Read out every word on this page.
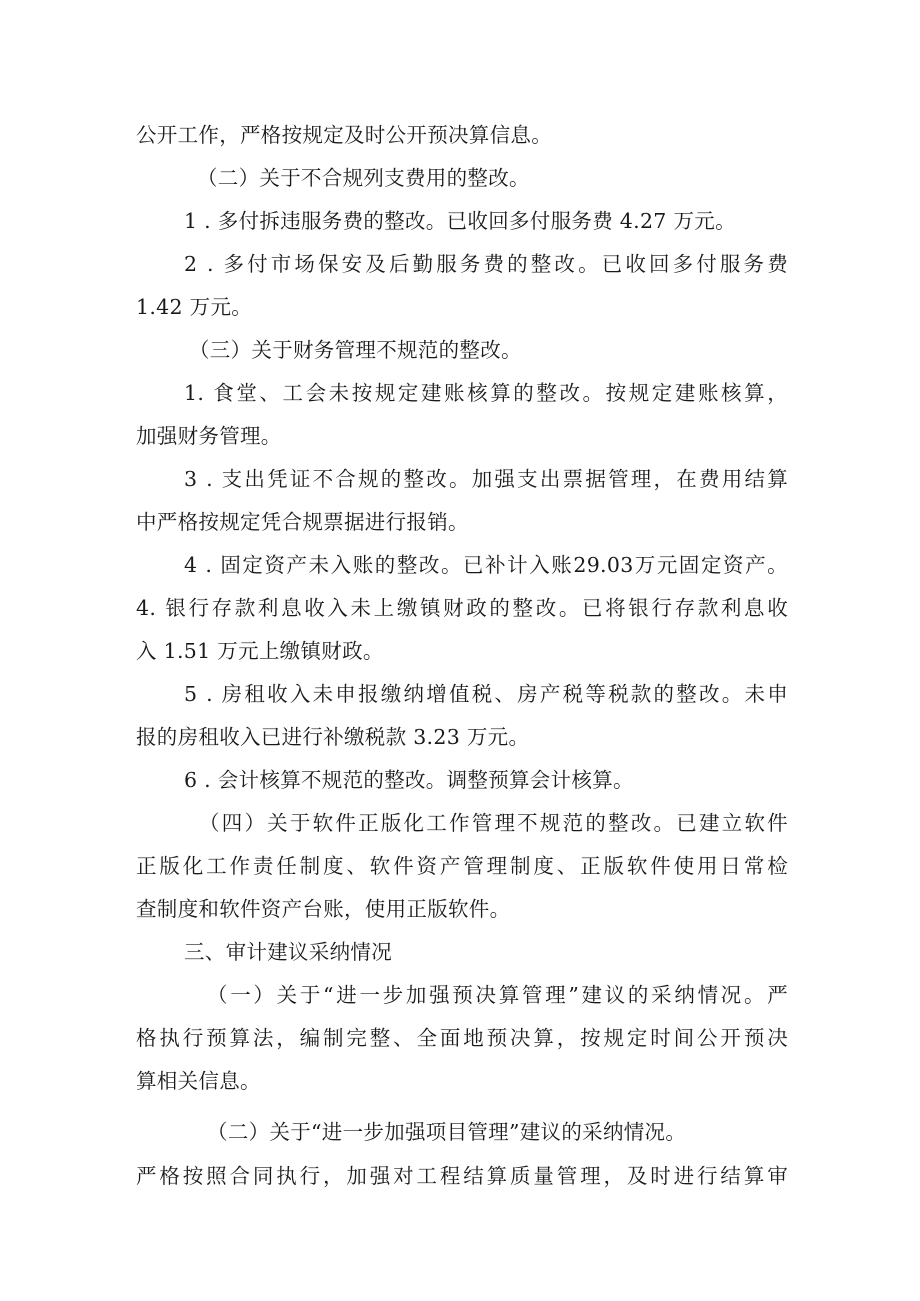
公开工作，严格按规定及时公开预决算信息。

（二）关于不合规列支费用的整改。

1 . 多付拆违服务费的整改。已收回多付服务费 4.27 万元。

2 . 多付市场保安及后勤服务费的整改。已收回多付服务费

1.42 万元。

（三）关于财务管理不规范的整改。

1. 食堂、工会未按规定建账核算的整改。按规定建账核算，

加强财务管理。

3 . 支出凭证不合规的整改。加强支出票据管理，在费用结算

中严格按规定凭合规票据进行报销。

4 . 固定资产未入账的整改。已补计入账29.03万元固定资产。

4. 银行存款利息收入未上缴镇财政的整改。已将银行存款利息收

入 1.51 万元上缴镇财政。

5 . 房租收入未申报缴纳增值税、房产税等税款的整改。未申

报的房租收入已进行补缴税款 3.23 万元。

6 . 会计核算不规范的整改。调整预算会计核算。

（四）关于软件正版化工作管理不规范的整改。已建立软件

正版化工作责任制度、软件资产管理制度、正版软件使用日常检

查制度和软件资产台账，使用正版软件。

三、审计建议采纳情况

（一）关于“进一步加强预决算管理”建议的采纳情况。严

格执行预算法，编制完整、全面地预决算，按规定时间公开预决

算相关信息。

（二）关于“进一步加强项目管理”建议的采纳情况。

严格按照合同执行，加强对工程结算质量管理，及时进行结算审
